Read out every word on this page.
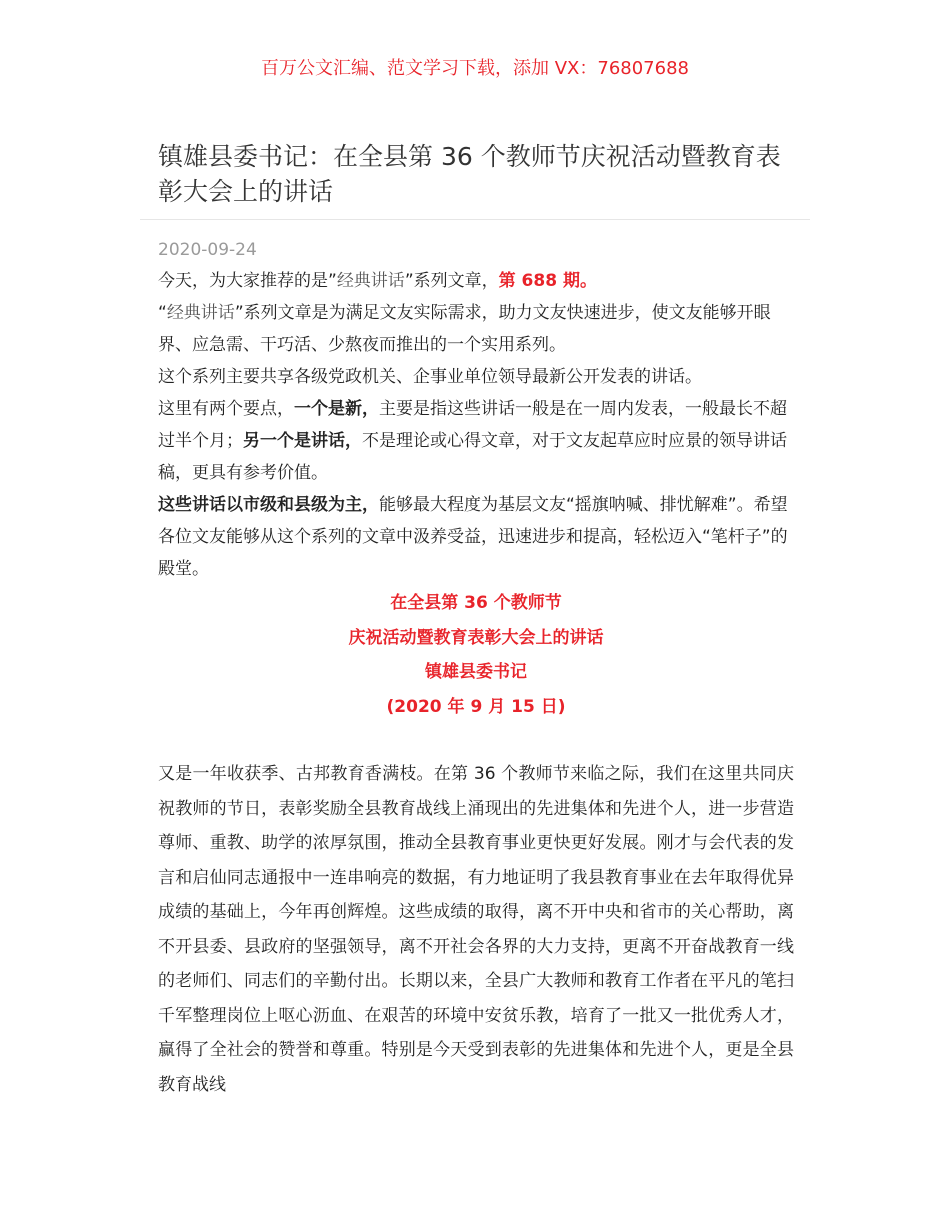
百万公文汇编、范文学习下载，添加 VX：76807688
镇雄县委书记：在全县第 36 个教师节庆祝活动暨教育表彰大会上的讲话
2020-09-24

今天，为大家推荐的是”经典讲话”系列文章，第 688 期。

“经典讲话”系列文章是为满足文友实际需求，助力文友快速进步，使文友能够开眼界、应急需、干巧活、少熬夜而推出的一个实用系列。

这个系列主要共享各级党政机关、企事业单位领导最新公开发表的讲话。

这里有两个要点，一个是新，主要是指这些讲话一般是在一周内发表，一般最长不超过半个月；另一个是讲话，不是理论或心得文章，对于文友起草应时应景的领导讲话稿，更具有参考价值。

这些讲话以市级和县级为主，能够最大程度为基层文友“摇旗呐喊、排忧解难”。希望各位文友能够从这个系列的文章中汲养受益，迅速进步和提高，轻松迈入“笔杆子”的殿堂。

在全县第 36 个教师节
庆祝活动暨教育表彰大会上的讲话
镇雄县委书记
(2020 年 9 月 15 日)

又是一年收获季、古邦教育香满枝。在第 36 个教师节来临之际，我们在这里共同庆祝教师的节日，表彰奖励全县教育战线上涌现出的先进集体和先进个人，进一步营造尊师、重教、助学的浓厚氛围，推动全县教育事业更快更好发展。刚才与会代表的发言和启仙同志通报中一连串响亮的数据，有力地证明了我县教育事业在去年取得优异成绩的基础上，今年再创辉煌。这些成绩的取得，离不开中央和省市的关心帮助，离不开县委、县政府的坚强领导，离不开社会各界的大力支持，更离不开奋战教育一线的老师们、同志们的辛勤付出。长期以来，全县广大教师和教育工作者在平凡的笔扫千军整理岗位上呕心沥血、在艰苦的环境中安贫乐教，培育了一批又一批优秀人才，赢得了全社会的赞誉和尊重。特别是今天受到表彰的先进集体和先进个人，更是全县教育战线
